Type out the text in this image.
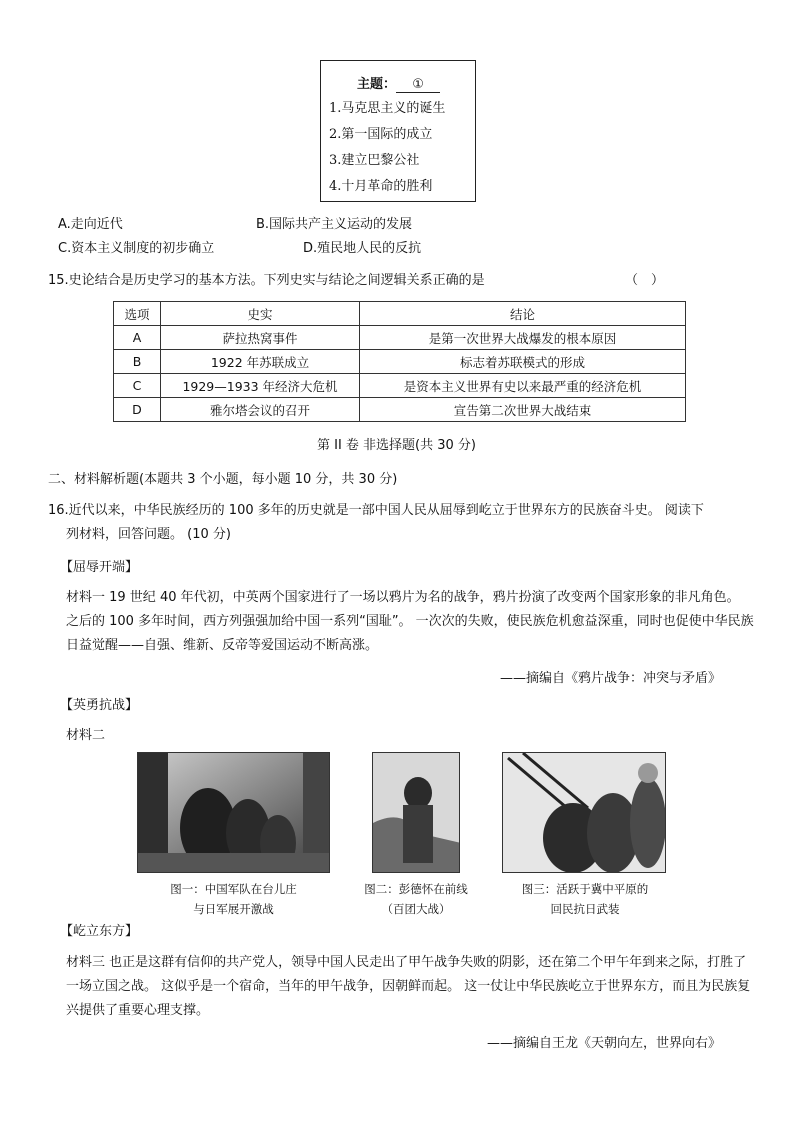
主题： ①
1.马克思主义的诞生
2.第一国际的成立
3.建立巴黎公社
4.十月革命的胜利
A.走向近代	B.国际共产主义运动的发展
C.资本主义制度的初步确立	D.殖民地人民的反抗
15.史论结合是历史学习的基本方法。下列史实与结论之间逻辑关系正确的是	（　）
选项	史实	结论
A	萨拉热窝事件	是第一次世界大战爆发的根本原因
B	1922 年苏联成立	标志着苏联模式的形成
C	1929—1933 年经济大危机	是资本主义世界有史以来最严重的经济危机
D	雅尔塔会议的召开	宣告第二次世界大战结束
第 II 卷 非选择题(共 30 分)
二、材料解析题(本题共 3 个小题，每小题 10 分，共 30 分)
16.近代以来，中华民族经历的 100 多年的历史就是一部中国人民从屈辱到屹立于世界东方的民族奋斗史。 阅读下
列材料，回答问题。 (10 分)
【屈辱开端】
材料一 19 世纪 40 年代初，中英两个国家进行了一场以鸦片为名的战争，鸦片扮演了改变两个国家形象的非凡角色。 之后的 100 多年时间，西方列强强加给中国一系列“国耻”。 一次次的失败，使民族危机愈益深重，同时也促使中华民族日益觉醒——自强、维新、反帝等爱国运动不断高涨。
——摘编自《鸦片战争：冲突与矛盾》
【英勇抗战】
材料二
图一：中国军队在台儿庄
与日军展开激战
图二：彭德怀在前线
（百团大战）
图三：活跃于冀中平原的
回民抗日武装
【屹立东方】
材料三 也正是这群有信仰的共产党人，领导中国人民走出了甲午战争失败的阴影，还在第二个甲午年到来之际，打胜了一场立国之战。 这似乎是一个宿命，当年的甲午战争，因朝鲜而起。 这一仗让中华民族屹立于世界东方，而且为民族复兴提供了重要心理支撑。
——摘编自王龙《天朝向左，世界向右》
